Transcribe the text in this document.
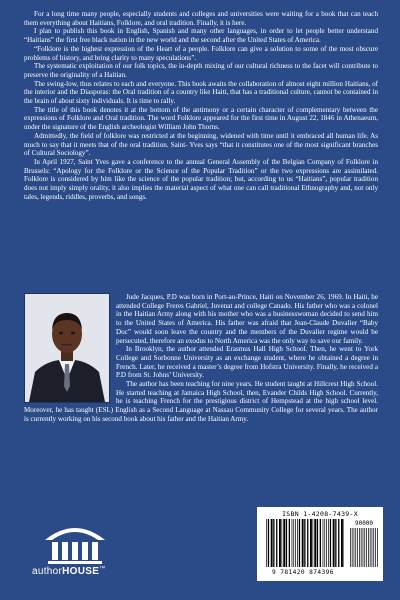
For a long time many people, especially students and colleges and universities were waiting for a book that can teach them everything about Haitians, Folklore, and oral tradition. Finally, it is here.

I plan to publish this book in English, Spanish and many other languages, in order to let people better understand “Haitians” the first free black nation in the new world and the second after the United States of America.

“Folklore is the highest expression of the Heart of a people. Folklore can give a solution to some of the most obscure problems of history, and bring clarity to many speculations”.

The systematic exploitation of our folk topics, the in-depth mixing of our cultural richness to the facet will contribute to preserve the originality of a Haitian.

The swing-low, thus relates to each and everyone. This book awaits the collaboration of almost eight million Haitians, of the interior and the Diasporas: the Oral tradition of a country like Haiti, that has a traditional culture, cannot be contained in the brain of about sixty individuals. It is time to rally.

The title of this book denotes it at the bottom of the antimony or a certain character of complementary between the expressions of Folklore and Oral tradition. The word Folklore appeared for the first time in August 22, 1846 in Athenaeum, under the signature of the English archeologist William John Thorns.

Admittedly, the field of folklore was restricted at the beginning, widened with time until it embraced all human life. As much to say that it meets that of the oral tradition. Saint- Yves says “that it constitutes one of the most significant branches of Cultural Sociology”.

In April 1927, Saint Yves gave a conference to the annual General Assembly of the Belgian Company of Folklore in Brussels: “Apology for the Folklore or the Science of the Popular Tradition” or the two expressions are assimilated. Folklore is considered by him like the science of the popular tradition; but, according to us “Haitians”, popular tradition does not imply simply orality, it also implies the material aspect of what one can call traditional Ethnography and, not only tales, legends, riddles, proverbs, and songs.

Jude Jacques, P.D was born in Port-au-Prince, Haiti on November 26, 1969. In Haiti, he attended College Freres Gabriel, Juvenat and college Canado. His father who was a colonel in the Haitian Army along with his mother who was a businesswoman decided to send him to the United States of America. His father was afraid that Jean-Claude Duvalier “Baby Doc” would soon leave the country and the members of the Duvalier regime would be persecuted, therefore an exodus to North America was the only way to save our family.

In Brooklyn, the author attended Erasmus Hall High School. Then, he went to York College and Sorbonne University as an exchange student, where he obtained a degree in French. Later, he received a master’s degree from Hofstra University. Finally, he received a P.D from St. Johns’ University.

The author has been teaching for nine years. He student taught at Hillcrest High School. He started teaching at Jamaica High School, then, Evander Childs High School. Currently, he is teaching French for the prestigious district of Hempstead at the high school level. Moreover, he has taught (ESL) English as a Second Language at Nassau Community College for several years. The author is currently working on his second book about his father and the Haitian Army.

authorHOUSE™
ISBN 1-4208-7439-X
90000
9 781420 874396
